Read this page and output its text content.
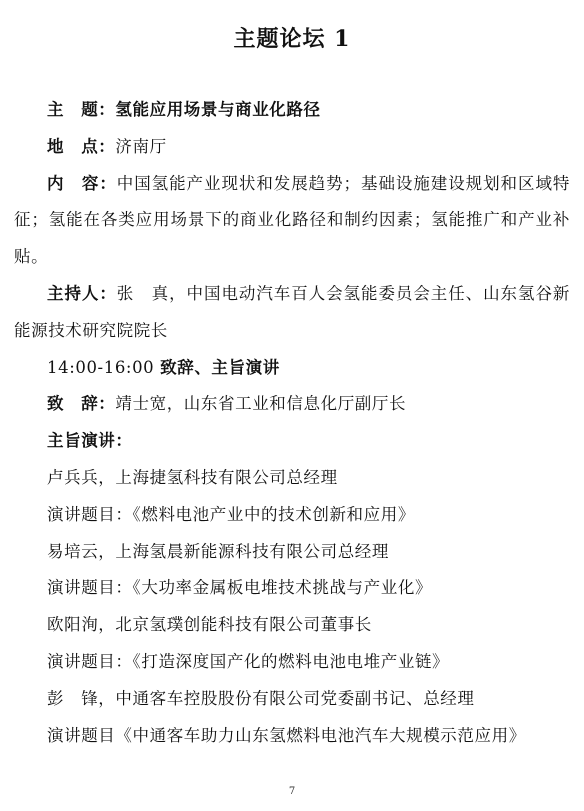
主题论坛 1

主　题：氢能应用场景与商业化路径

地　点：济南厅

内　容：中国氢能产业现状和发展趋势；基础设施建设规划和区域特征；氢能在各类应用场景下的商业化路径和制约因素；氢能推广和产业补贴。

主持人：张　真，中国电动汽车百人会氢能委员会主任、山东氢谷新能源技术研究院院长

14:00-16:00 致辞、主旨演讲

致　辞：靖士宽，山东省工业和信息化厅副厅长

主旨演讲：

卢兵兵，上海捷氢科技有限公司总经理

演讲题目：《燃料电池产业中的技术创新和应用》

易培云，上海氢晨新能源科技有限公司总经理

演讲题目：《大功率金属板电堆技术挑战与产业化》

欧阳洵，北京氢璞创能科技有限公司董事长

演讲题目：《打造深度国产化的燃料电池电堆产业链》

彭　锋，中通客车控股股份有限公司党委副书记、总经理

演讲题目《中通客车助力山东氢燃料电池汽车大规模示范应用》

7
